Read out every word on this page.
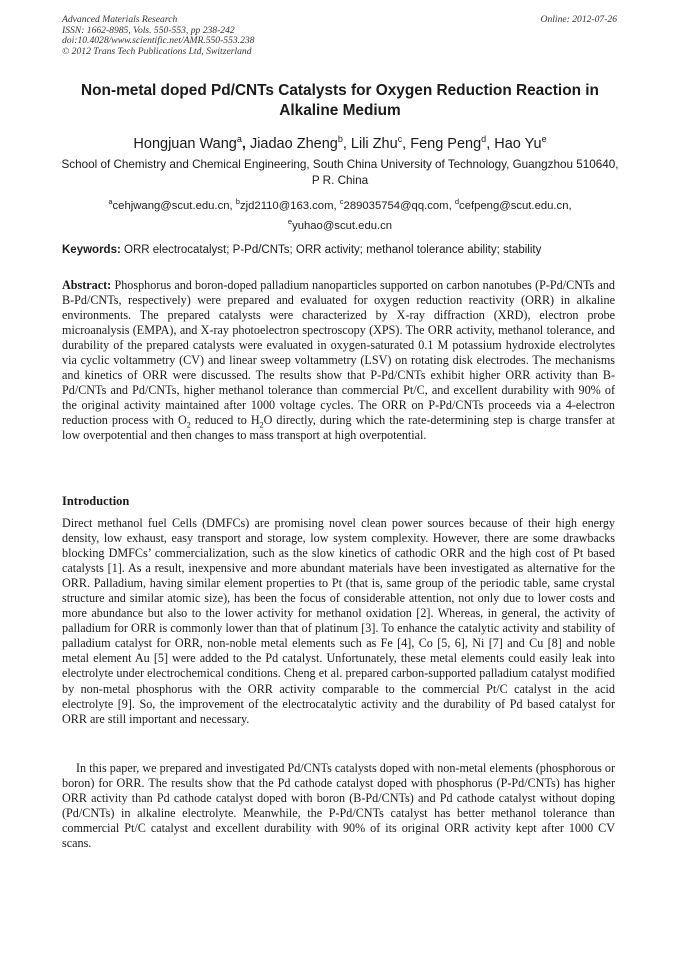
Advanced Materials Research
ISSN: 1662-8985, Vols. 550-553, pp 238-242
doi:10.4028/www.scientific.net/AMR.550-553.238
© 2012 Trans Tech Publications Ltd, Switzerland
Online: 2012-07-26
Non-metal doped Pd/CNTs Catalysts for Oxygen Reduction Reaction in Alkaline Medium
Hongjuan Wang$^a$, Jiadao Zheng$^b$, Lili Zhu$^c$, Feng Peng$^d$, Hao Yu$^e$
School of Chemistry and Chemical Engineering, South China University of Technology, Guangzhou 510640, P R. China
$^a$cehjwang@scut.edu.cn, $^b$zjd2110@163.com, $^c$289035754@qq.com, $^d$cefpeng@scut.edu.cn, $^e$yuhao@scut.edu.cn
Keywords: ORR electrocatalyst; P-Pd/CNTs; ORR activity; methanol tolerance ability; stability
Abstract: Phosphorus and boron-doped palladium nanoparticles supported on carbon nanotubes (P-Pd/CNTs and B-Pd/CNTs, respectively) were prepared and evaluated for oxygen reduction reactivity (ORR) in alkaline environments. The prepared catalysts were characterized by X-ray diffraction (XRD), electron probe microanalysis (EMPA), and X-ray photoelectron spectroscopy (XPS). The ORR activity, methanol tolerance, and durability of the prepared catalysts were evaluated in oxygen-saturated 0.1 M potassium hydroxide electrolytes via cyclic voltammetry (CV) and linear sweep voltammetry (LSV) on rotating disk electrodes. The mechanisms and kinetics of ORR were discussed. The results show that P-Pd/CNTs exhibit higher ORR activity than B-Pd/CNTs and Pd/CNTs, higher methanol tolerance than commercial Pt/C, and excellent durability with 90% of the original activity maintained after 1000 voltage cycles. The ORR on P-Pd/CNTs proceeds via a 4-electron reduction process with $O_2$ reduced to $H_2O$ directly, during which the rate-determining step is charge transfer at low overpotential and then changes to mass transport at high overpotential.
Introduction
Direct methanol fuel Cells (DMFCs) are promising novel clean power sources because of their high energy density, low exhaust, easy transport and storage, low system complexity. However, there are some drawbacks blocking DMFCs’ commercialization, such as the slow kinetics of cathodic ORR and the high cost of Pt based catalysts [1]. As a result, inexpensive and more abundant materials have been investigated as alternative for the ORR. Palladium, having similar element properties to Pt (that is, same group of the periodic table, same crystal structure and similar atomic size), has been the focus of considerable attention, not only due to lower costs and more abundance but also to the lower activity for methanol oxidation [2]. Whereas, in general, the activity of palladium for ORR is commonly lower than that of platinum [3]. To enhance the catalytic activity and stability of palladium catalyst for ORR, non-noble metal elements such as Fe [4], Co [5, 6], Ni [7] and Cu [8] and noble metal element Au [5] were added to the Pd catalyst. Unfortunately, these metal elements could easily leak into electrolyte under electrochemical conditions. Cheng et al. prepared carbon-supported palladium catalyst modified by non-metal phosphorus with the ORR activity comparable to the commercial Pt/C catalyst in the acid electrolyte [9]. So, the improvement of the electrocatalytic activity and the durability of Pd based catalyst for ORR are still important and necessary.
In this paper, we prepared and investigated Pd/CNTs catalysts doped with non-metal elements (phosphorous or boron) for ORR. The results show that the Pd cathode catalyst doped with phosphorus (P-Pd/CNTs) has higher ORR activity than Pd cathode catalyst doped with boron (B-Pd/CNTs) and Pd cathode catalyst without doping (Pd/CNTs) in alkaline electrolyte. Meanwhile, the P-Pd/CNTs catalyst has better methanol tolerance than commercial Pt/C catalyst and excellent durability with 90% of its original ORR activity kept after 1000 CV scans.
